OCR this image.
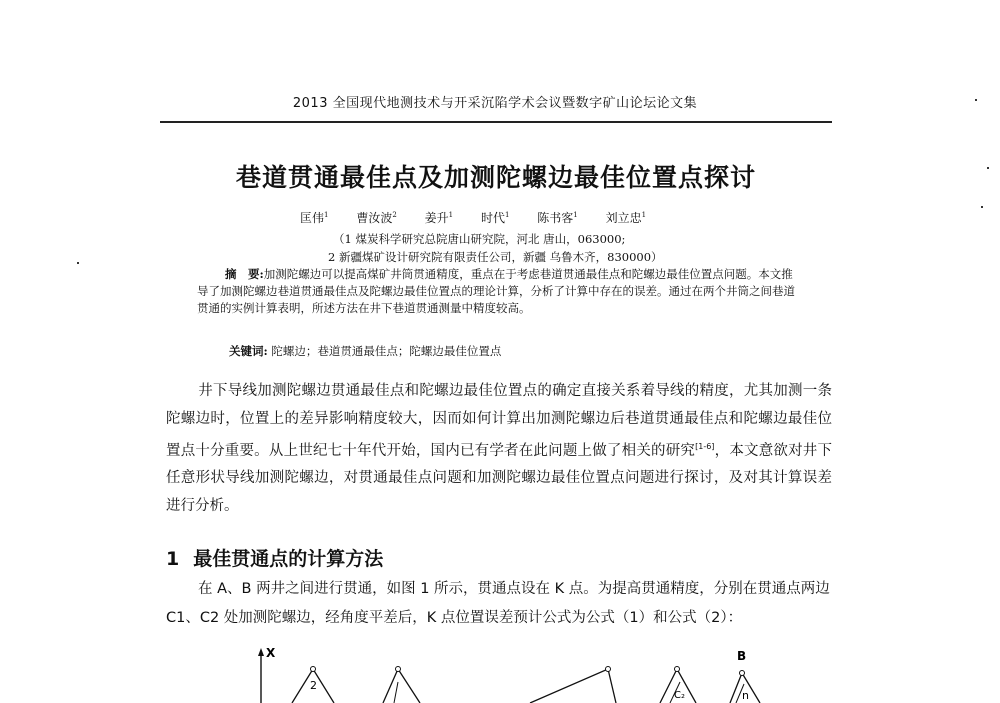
2013 全国现代地测技术与开采沉陷学术会议暨数字矿山论坛论文集
巷道贯通最佳点及加测陀螺边最佳位置点探讨
匡伟$^1$ 曹汝波$^2$ 姜升$^1$ 时代$^1$ 陈书客$^1$ 刘立忠$^1$
（1 煤炭科学研究总院唐山研究院，河北 唐山，063000;
2 新疆煤矿设计研究院有限责任公司，新疆 乌鲁木齐，830000）
摘　要:加测陀螺边可以提高煤矿井筒贯通精度，重点在于考虑巷道贯通最佳点和陀螺边最佳位置点问题。本文推导了加测陀螺边巷道贯通最佳点及陀螺边最佳位置点的理论计算，分析了计算中存在的误差。通过在两个井筒之间巷道贯通的实例计算表明，所述方法在井下巷道贯通测量中精度较高。
关键词: 陀螺边；巷道贯通最佳点；陀螺边最佳位置点
井下导线加测陀螺边贯通最佳点和陀螺边最佳位置点的确定直接关系着导线的精度，尤其加测一条陀螺边时，位置上的差异影响精度较大，因而如何计算出加测陀螺边后巷道贯通最佳点和陀螺边最佳位置点十分重要。从上世纪七十年代开始，国内已有学者在此问题上做了相关的研究[1-6]，本文意欲对井下任意形状导线加测陀螺边，对贯通最佳点问题和加测陀螺边最佳位置点问题进行探讨，及对其计算误差进行分析。
1 最佳贯通点的计算方法
在 A、B 两井之间进行贯通，如图 1 所示，贯通点设在 K 点。为提高贯通精度，分别在贯通点两边 C1、C2 处加测陀螺边，经角度平差后，K 点位置误差预计公式为公式（1）和公式（2）：
X
2
C₂	n
B
